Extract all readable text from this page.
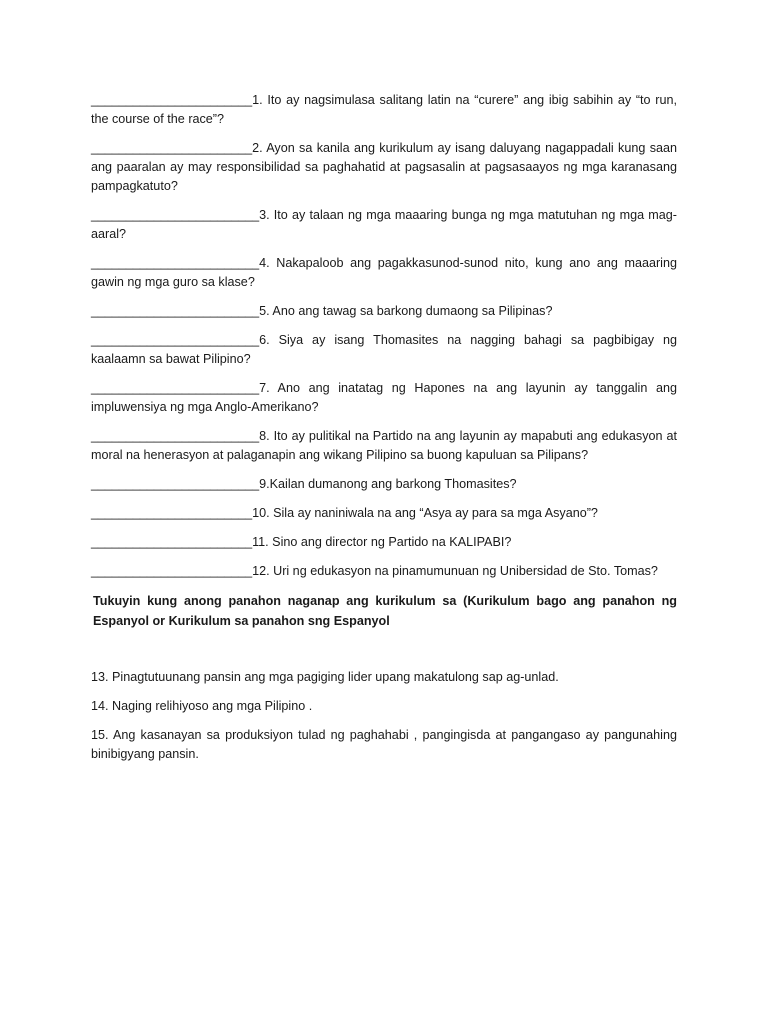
_______________________1. Ito ay nagsimulasa salitang latin na “curere” ang ibig sabihin ay “to run, the course of the race”?
_______________________2. Ayon sa kanila ang kurikulum ay isang daluyang nagappadali kung saan ang paaralan ay may responsibilidad sa paghahatid at pagsasalin at pagsasaayos ng mga karanasang pampagkatuto?
________________________3. Ito ay talaan ng mga maaaring bunga ng mga matutuhan ng mga mag-aaral?
________________________4. Nakapaloob ang pagakkasunod-sunod nito, kung ano ang maaaring gawin ng mga guro sa klase?
________________________5. Ano ang tawag sa barkong dumaong sa Pilipinas?
________________________6. Siya ay isang Thomasites na nagging bahagi sa pagbibigay ng kaalaamn sa bawat Pilipino?
________________________7. Ano ang inatatag ng Hapones na ang layunin ay tanggalin ang impluwensiya ng mga Anglo-Amerikano?
________________________8. Ito ay pulitikal na Partido na ang layunin ay mapabuti ang edukasyon at moral na henerasyon at palaganapin ang wikang Pilipino sa buong kapuluan sa Pilipans?
________________________9.Kailan dumanong ang barkong Thomasites?
_______________________10. Sila ay naniniwala na ang “Asya ay para sa mga Asyano”?
_______________________11. Sino ang director ng Partido na KALIPABI?
_______________________12. Uri ng edukasyon na pinamumunuan ng Unibersidad de Sto. Tomas?
Tukuyin kung anong panahon naganap ang kurikulum sa (Kurikulum bago ang panahon ng Espanyol or Kurikulum sa panahon sng Espanyol
13. Pinagtutuunang pansin ang mga pagiging lider upang makatulong sap ag-unlad.
14. Naging relihiyoso ang mga Pilipino .
15. Ang kasanayan sa produksiyon tulad ng paghahabi , pangingisda at pangangaso ay pangunahing binibigyang pansin.
